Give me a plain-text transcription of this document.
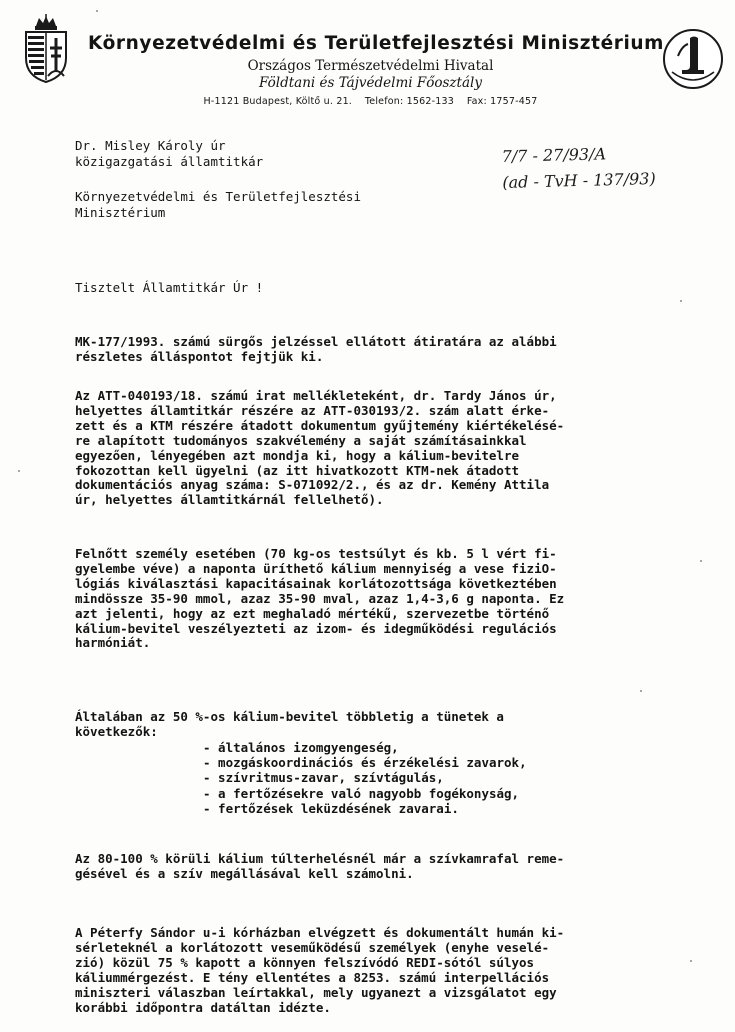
Környezetvédelmi és Területfejlesztési Minisztérium
Országos Természetvédelmi Hivatal
Földtani és Tájvédelmi Főosztály
H-1121 Budapest, Költő u. 21.    Telefon: 1562-133    Fax: 1757-457
Dr. Misley Károly úr
közigazgatási államtitkár
Környezetvédelmi és Területfejlesztési
Minisztérium
7/7 - 27/93/A
(ad - TvH - 137/93)
Tisztelt Államtitkár Úr !
MK-177/1993. számú sürgős jelzéssel ellátott átiratára az alábbi
részletes álláspontot fejtjük ki.
Az ATT-040193/18. számú irat mellékleteként, dr. Tardy János úr,
helyettes államtitkár részére az ATT-030193/2. szám alatt érke-
zett és a KTM részére átadott dokumentum gyűjtemény kiértékelésé-
re alapított tudományos szakvélemény a saját számításainkkal
egyezően, lényegében azt mondja ki, hogy a kálium-bevitelre
fokozottan kell ügyelni (az itt hivatkozott KTM-nek átadott
dokumentációs anyag száma: S-071092/2., és az dr. Kemény Attila
úr, helyettes államtitkárnál fellelhető).
Felnőtt személy esetében (70 kg-os testsúlyt és kb. 5 l vért fi-
gyelembe véve) a naponta üríthető kálium mennyiség a vese fiziO-
lógiás kiválasztási kapacitásainak korlátozottsága következtében
mindössze 35-90 mmol, azaz 35-90 mval, azaz 1,4-3,6 g naponta. Ez
azt jelenti, hogy az ezt meghaladó mértékű, szervezetbe történő
kálium-bevitel veszélyezteti az izom- és idegműködési regulációs
harmóniát.
Általában az 50 %-os kálium-bevitel többletig a tünetek a
következők:
- általános izomgyengeség,
- mozgáskoordinációs és érzékelési zavarok,
- szívritmus-zavar, szívtágulás,
- a fertőzésekre való nagyobb fogékonyság,
- fertőzések leküzdésének zavarai.
Az 80-100 % körüli kálium túlterhelésnél már a szívkamrafal reme-
gésével és a szív megállásával kell számolni.
A Péterfy Sándor u-i kórházban elvégzett és dokumentált humán ki-
sérleteknél a korlátozott veseműködésű személyek (enyhe veselé-
zió) közül 75 % kapott a könnyen felszívódó REDI-sótól súlyos
káliummérgezést. E tény ellentétes a 8253. számú interpellációs
miniszteri válaszban leírtakkal, mely ugyanezt a vizsgálatot egy
korábbi időpontra datáltan idézte.
